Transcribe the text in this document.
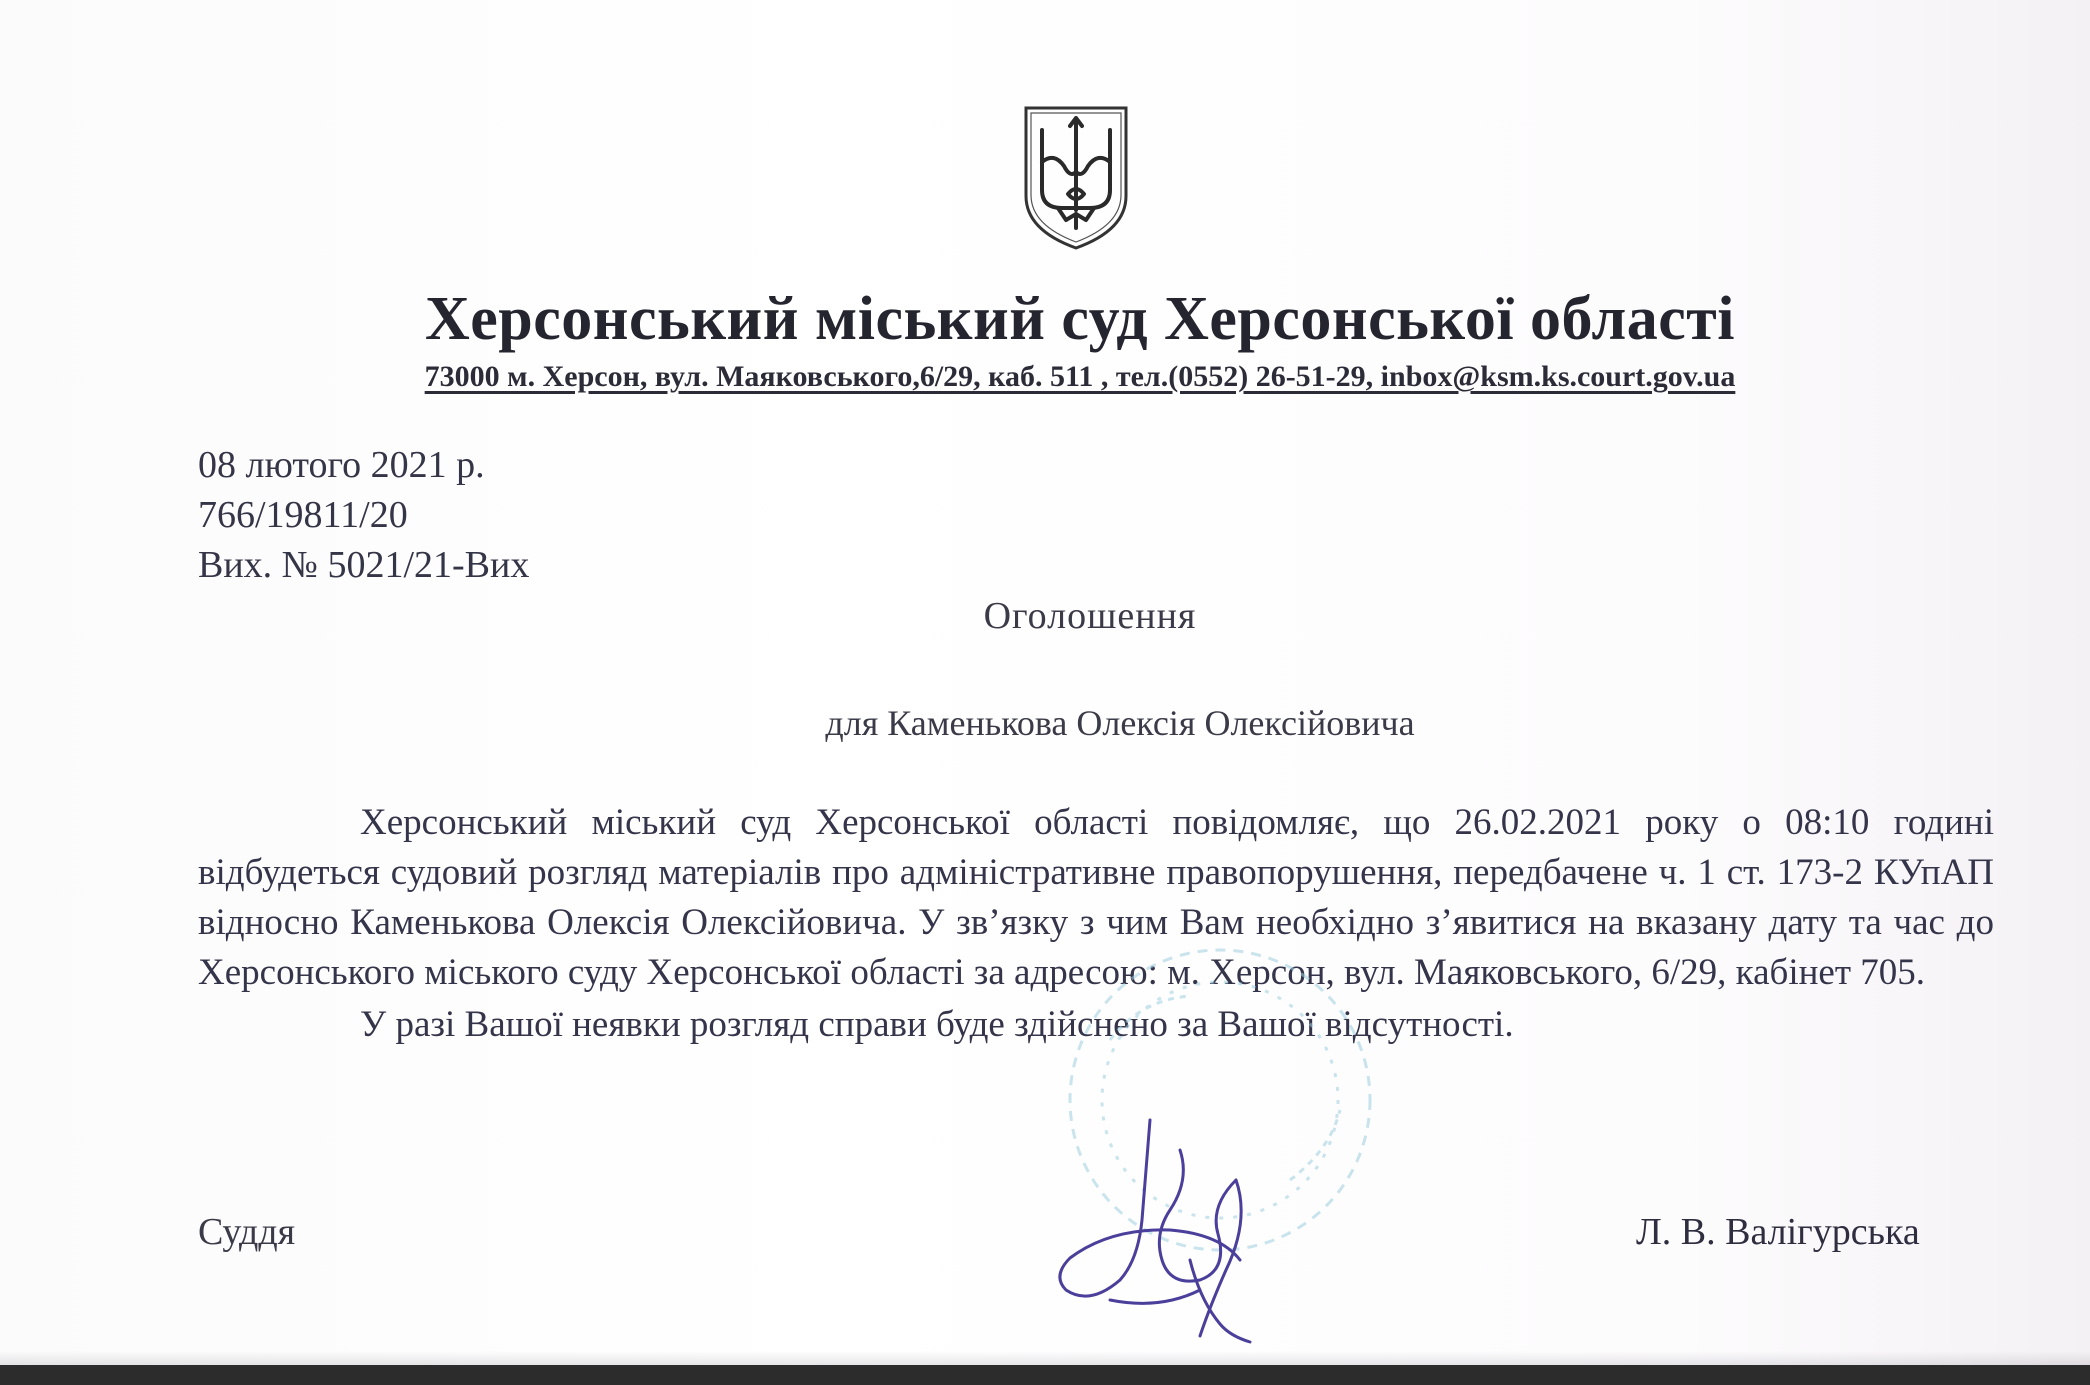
Херсонський міський суд Херсонської області
73000 м. Херсон, вул. Маяковського,6/29, каб. 511 , тел.(0552) 26-51-29, inbox@ksm.ks.court.gov.ua
08 лютого 2021 р.
766/19811/20
Вих. № 5021/21-Вих
Оголошення
для Каменькова Олексія Олексійовича

Херсонський міський суд Херсонської області повідомляє, що 26.02.2021 року о 08:10 годині відбудеться судовий розгляд матеріалів про адміністративне правопорушення, передбачене ч. 1 ст. 173-2 КУпАП відносно Каменькова Олексія Олексійовича. У зв’язку з чим Вам необхідно з’явитися на вказану дату та час до Херсонського міського суду Херсонської області за адресою: м. Херсон, вул. Маяковського, 6/29, кабінет 705.

У разі Вашої неявки розгляд справи буде здійснено за Вашої відсутності.

Суддя	Л. В. Валігурська
